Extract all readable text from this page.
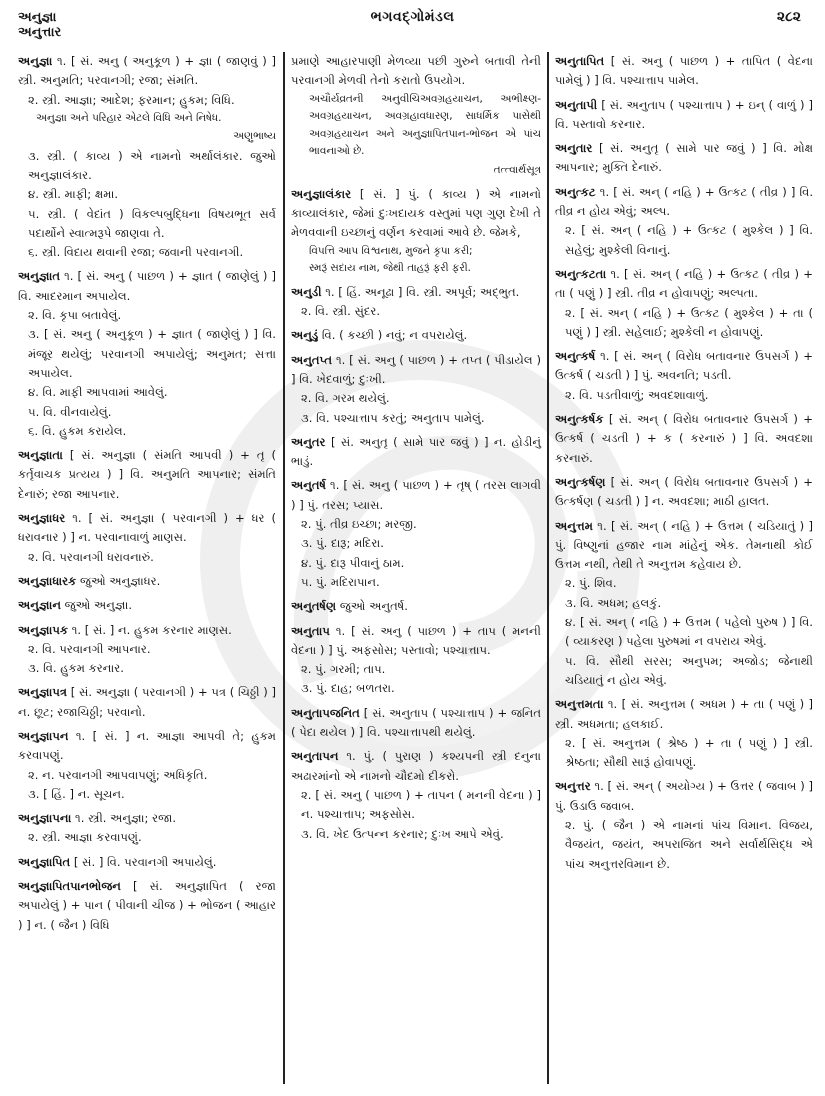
અનુજ્ઞા
અનુત્તાર
ભગવદ્ગોમંડલ	૨૮૨
અનુજ્ઞા ૧. [ સં. અનુ ( અનુકૂળ ) + જ્ઞા ( જાણવું ) ] સ્ત્રી. અનુમતિ; પરવાનગી; રજા; સંમતિ.
૨. સ્ત્રી. આજ્ઞા; આદેશ; ફરમાન; હુકમ; વિધિ.
અનુજ્ઞા અને પરિહાર એટલે વિધિ અને નિષેધ.
અણુભાષ્ય
૩. સ્ત્રી. ( કાવ્ય ) એ નામનો અર્થાલંકાર. જુઓ અનુજ્ઞાલંકાર.
૪. સ્ત્રી. માફી; ક્ષમા.
૫. સ્ત્રી. ( વેદાંત ) વિકલ્પબુદ્ધિના વિષયભૂત સર્વ પદાર્થોને સ્વાત્મરૂપે જાણવા તે.
૬. સ્ત્રી. વિદાય થવાની રજા; જવાની પરવાનગી.
અનુજ્ઞાત ૧. [ સં. અનુ ( પાછળ ) + જ્ઞાત ( જાણેલું ) ] વિ. આદરમાન અપાયેલ.
૨. વિ. કૃપા બતાવેલું.
૩. [ સં. અનુ ( અનુકૂળ ) + જ્ઞાત ( જાણેલું ) ] વિ. મંજૂર થયેલું; પરવાનગી અપાયેલું; અનુમત; સત્તા અપાયેલ.
૪. વિ. માફી આપવામાં આવેલું.
૫. વિ. વીનવાયેલું.
૬. વિ. હુકમ કરાયેલ.
અનુજ્ઞાતા [ સં. અનુજ્ઞા ( સંમતિ આપવી ) + તૃ ( કર્તૃવાચક પ્રત્યય ) ] વિ. અનુમતિ આપનાર; સંમતિ દેનારું; રજા આપનાર.
અનુજ્ઞાધર ૧. [ સં. અનુજ્ઞા ( પરવાનગી ) + ધર ( ધરાવનાર ) ] ન. પરવાનાવાળું માણસ.
૨. વિ. પરવાનગી ધરાવનારું.
અનુજ્ઞાધારક જુઓ અનુજ્ઞાધર.
અનુજ્ઞાન જુઓ અનુજ્ઞા.
અનુજ્ઞાપક ૧. [ સં. ] ન. હુકમ કરનાર માણસ.
૨. વિ. પરવાનગી આપનાર.
૩. વિ. હુકમ કરનાર.
અનુજ્ઞાપત્ર [ સં. અનુજ્ઞા ( પરવાનગી ) + પત્ર ( ચિઠ્ઠી ) ] ન. છૂટ; રજાચિઠ્ઠી; પરવાનો.
અનુજ્ઞાપન ૧. [ સં. ] ન. આજ્ઞા આપવી તે; હુકમ કરવાપણું.
૨. ન. પરવાનગી આપવાપણું; અધિકૃતિ.
૩. [ હિં. ] ન. સૂચન.
અનુજ્ઞાપના ૧. સ્ત્રી. અનુજ્ઞા; રજા.
૨. સ્ત્રી. આજ્ઞા કરવાપણું.
અનુજ્ઞાપિત [ સં. ] વિ. પરવાનગી અપાયેલું.
અનુજ્ઞાપિતપાનભોજન [ સં. અનુજ્ઞાપિત ( રજા અપાયેલું ) + પાન ( પીવાની ચીજ ) + ભોજન ( આહાર ) ] ન. ( જૈન ) વિધિ
પ્રમાણે આહારપાણી મેળવ્યા પછી ગુરુને બતાવી તેની પરવાનગી મેળવી તેનો કરાતો ઉપયોગ.
અચૌર્યવ્રતની અનુવીચિઅવગ્રહયાચન, અભીક્ષ્ણ-અવગ્રહયાચન, અવગ્રહાવધારણ, સાધર્મિક પાસેથી અવગ્રહયાચન અને અનુજ્ઞાપિતપાન-ભોજન એ પાંચ ભાવનાઓ છે.
તત્ત્વાર્થસૂત્ર
અનુજ્ઞાલંકાર [ સં. ] પું. ( કાવ્ય ) એ નામનો કાવ્યાલંકાર, જેમાં દુઃખદાયક વસ્તુમાં પણ ગુણ દેખી તે મેળવવાની ઇચ્છાનું વર્ણન કરવામાં આવે છે. જેમકે,
વિપત્તિ આપ વિશ્વનાથ, મુજને કૃપા કરી;
સ્મરૂં સદાય નામ, જેથી તાહરૂં ફરી ફરી.
અનુડી ૧. [ હિં. અનૂઢા ] વિ. સ્ત્રી. અપૂર્વ; અદ્ભુત.
૨. વિ. સ્ત્રી. સુંદર.
અનુડું વિ. ( કચ્છી ) નવું; ન વપરાયેલું.
અનુતપ્ત ૧. [ સં. અનુ ( પાછળ ) + તપ્ત ( પીડાયેલ ) ] વિ. ખેદવાળું; દુઃખી.
૨. વિ. ગરમ થયેલું.
૩. વિ. પશ્ચાત્તાપ કરતું; અનુતાપ પામેલું.
અનુતર [ સં. અનુતૃ ( સામે પાર જવું ) ] ન. હોડીનું ભાડું.
અનુતર્ષ ૧. [ સં. અનુ ( પાછળ ) + તૃષ્ ( તરસ લાગવી ) ] પું. તરસ; પ્યાસ.
૨. પું. તીવ્ર ઇચ્છા; મરજી.
૩. પું. દારૂ; મદિરા.
૪. પું. દારૂ પીવાનું ઠામ.
૫. પું. મદિરાપાન.
અનુતર્ષણ જુઓ અનુતર્ષ.
અનુતાપ ૧. [ સં. અનુ ( પાછળ ) + તાપ ( મનની વેદના ) ] પું. અફસોસ; પસ્તાવો; પશ્ચાત્તાપ.
૨. પું. ગરમી; તાપ.
૩. પું. દાહ; બળતરા.
અનુતાપજનિત [ સં. અનુતાપ ( પશ્ચાત્તાપ ) + જનિત ( પેદા થયેલ ) ] વિ. પશ્ચાત્તાપથી થયેલું.
અનુતાપન ૧. પું. ( પુરાણ ) કશ્યપની સ્ત્રી દનુના અઢારમાંનો એ નામનો ચૌદમો દીકરો.
૨. [ સં. અનુ ( પાછળ ) + તાપન ( મનની વેદના ) ] ન. પશ્ચાત્તાપ; અફસોસ.
૩. વિ. ખેદ ઉત્પન્ન કરનાર; દુઃખ આપે એવું.
અનુતાપિત [ સં. અનુ ( પાછળ ) + તાપિત ( વેદના પામેલું ) ] વિ. પશ્ચાત્તાપ પામેલ.
અનુતાપી [ સં. અનુતાપ ( પશ્ચાત્તાપ ) + ઇન્ ( વાળું ) ] વિ. પસ્તાવો કરનાર.
અનુતાર [ સં. અનુતૃ ( સામે પાર જવું ) ] વિ. મોક્ષ આપનાર; મુક્તિ દેનારું.
અનુત્કટ ૧. [ સં. અન્ ( નહિ ) + ઉત્કટ ( તીવ્ર ) ] વિ. તીવ્ર ન હોય એવું; અલ્પ.
૨. [ સં. અન્ ( નહિ ) + ઉત્કટ ( મુશ્કેલ ) ] વિ. સહેલું; મુશ્કેલી વિનાનું.
અનુત્કટતા ૧. [ સં. અન્ ( નહિ ) + ઉત્કટ ( તીવ્ર ) + તા ( પણું ) ] સ્ત્રી. તીવ્ર ન હોવાપણું; અલ્પતા.
૨. [ સં. અન્ ( નહિ ) + ઉત્કટ ( મુશ્કેલ ) + તા ( પણું ) ] સ્ત્રી. સહેલાઈ; મુશ્કેલી ન હોવાપણું.
અનુત્કર્ષ ૧. [ સં. અન્ ( વિરોધ બતાવનાર ઉપસર્ગ ) + ઉત્કર્ષ ( ચડતી ) ] પું. અવનતિ; પડતી.
૨. વિ. પડતીવાળું; અવદશાવાળું.
અનુત્કર્ષક [ સં. અન્ ( વિરોધ બતાવનાર ઉપસર્ગ ) + ઉત્કર્ષ ( ચડતી ) + ક ( કરનારું ) ] વિ. અવદશા કરનારું.
અનુત્કર્ષણ [ સં. અન્ ( વિરોધ બતાવનાર ઉપસર્ગ ) + ઉત્કર્ષણ ( ચડતી ) ] ન. અવદશા; માઠી હાલત.
અનુત્તમ ૧. [ સં. અન્ ( નહિ ) + ઉત્તમ ( ચડિયાતું ) ] પું. વિષ્ણુનાં હજાર નામ માંહેનું એક. તેમનાથી કોઈ ઉત્તમ નથી, તેથી તે અનુત્તમ કહેવાય છે.
૨. પું. શિવ.
૩. વિ. અધમ; હલકું.
૪. [ સં. અન્ ( નહિ ) + ઉત્તમ ( પહેલો પુરુષ ) ] વિ. ( વ્યાકરણ ) પહેલા પુરુષમાં ન વપરાય એવું.
૫. વિ. સૌથી સરસ; અનુપમ; અજોડ; જેનાથી ચડિયાતું ન હોય એવું.
અનુત્તમતા ૧. [ સં. અનુત્તમ ( અધમ ) + તા ( પણું ) ] સ્ત્રી. અધમતા; હલકાઈ.
૨. [ સં. અનુત્તમ ( શ્રેષ્ઠ ) + તા ( પણું ) ] સ્ત્રી. શ્રેષ્ઠતા; સૌથી સારૂં હોવાપણું.
અનુત્તર ૧. [ સં. અન્ ( અયોગ્ય ) + ઉત્તર ( જવાબ ) ] પું. ઉડાઉ જવાબ.
૨. પું. ( જૈન ) એ નામનાં પાંચ વિમાન. વિજય, વૈજયંત, જયંત, અપરાજિત અને સર્વાર્થસિદ્ધ એ પાંચ અનુત્તરવિમાન છે.
